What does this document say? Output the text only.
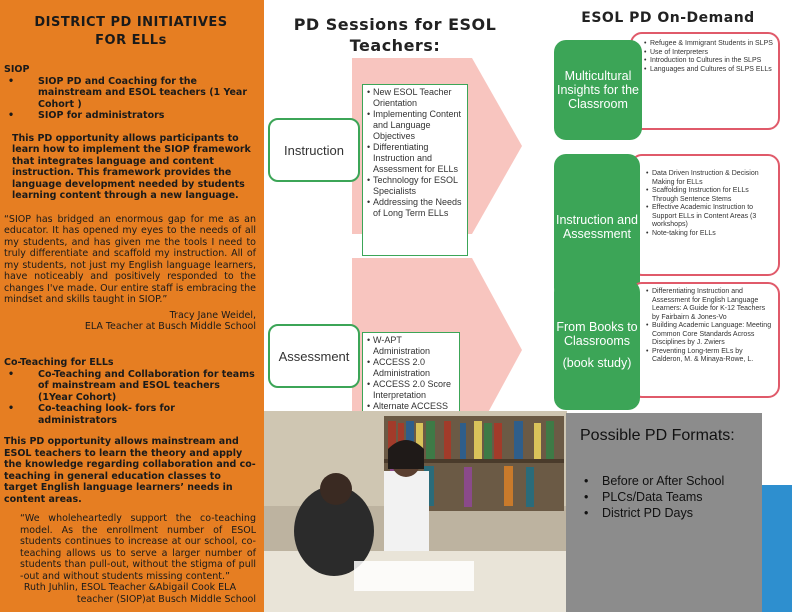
DISTRICT PD INITIATIVES FOR ELLs
SIOP
• SIOP PD and Coaching for the mainstream and ESOL teachers (1 Year Cohort )
• SIOP for administrators
This PD opportunity allows participants to learn how to implement the SIOP framework that integrates language and content instruction. This framework provides the language development needed by students learning content through a new language.
“SIOP has bridged an enormous gap for me as an educator. It has opened my eyes to the needs of all my students, and has given me the tools I need to truly differentiate and scaffold my instruction. All of my students, not just my English language learners, have noticeably and positively responded to the changes I've made. Our entire staff is embracing the mindset and skills taught in SIOP.”
Tracy Jane Weidel,
ELA Teacher at Busch Middle School
Co-Teaching for ELLs
• Co-Teaching and Collaboration for teams of mainstream and ESOL teachers (1Year Cohort)
• Co-teaching look- fors for administrators
This PD opportunity allows mainstream and ESOL teachers to learn the theory and apply the knowledge regarding collaboration and co-teaching in general education classes to target English language learners’ needs in content areas.
“We wholeheartedly support the co-teaching model. As the enrollment number of ESOL students continues to increase at our school, co-teaching allows us to serve a larger number of students than pull-out, without the stigma of pull -out and without students missing content.”
Ruth Juhlin, ESOL Teacher &Abigail Cook ELA
teacher (SIOP)at Busch Middle School
PD Sessions for ESOL Teachers:
Instruction
• New ESOL Teacher Orientation
• Implementing Content and Language Objectives
• Differentiating Instruction and Assessment for ELLs
• Technology for ESOL Specialists
• Addressing the Needs of Long Term ELLs
Assessment
• W-APT Administration
• ACCESS 2.0 Administration
• ACCESS 2.0 Score Interpretation
• Alternate ACCESS
•
ESOL PD On-Demand
• Refugee & Immigrant Students in SLPS
• Use of Interpreters
• Introduction to Cultures in the SLPS
• Languages and Cultures of SLPS ELLs
Multicultural Insights for the Classroom
• Data Driven Instruction & Decision Making for ELLs
• Scaffolding Instruction for ELLs Through Sentence Stems
• Effective Academic Instruction to Support ELLs in Content Areas (3 workshops)
• Note-taking for ELLs
Instruction and Assessment
• Differentiating Instruction and Assessment for English Language Learners: A Guide for K-12 Teachers by Fairbairn & Jones-Vo
• Building Academic Language: Meeting Common Core Standards Across Disciplines by J. Zwiers
• Preventing Long-term ELs by Calderon, M. & Minaya-Rowe, L.
From Books to Classrooms
(book study)
Possible PD Formats:
• Before or After School
• PLCs/Data Teams
• District PD Days
